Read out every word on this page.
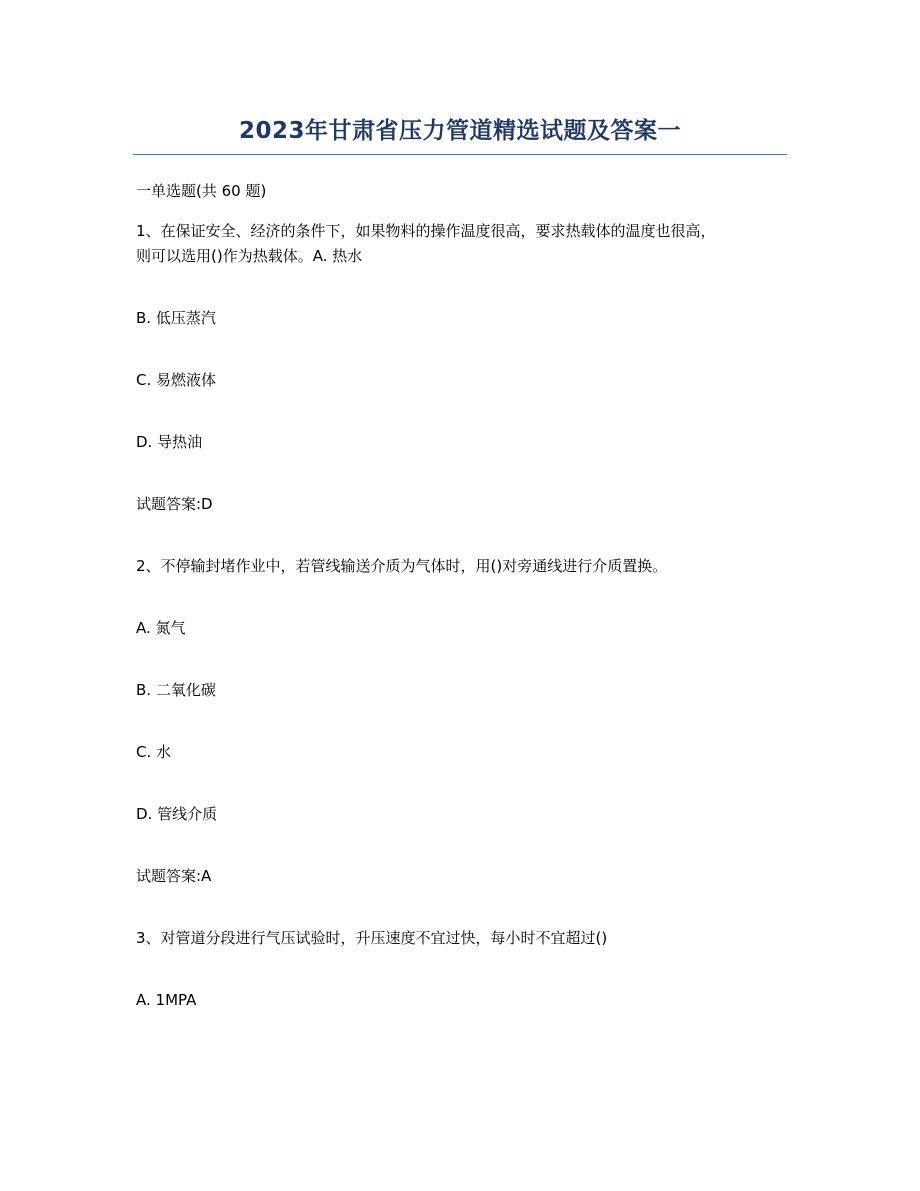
2023年甘肃省压力管道精选试题及答案一
一单选题(共 60 题)
1、在保证安全、经济的条件下，如果物料的操作温度很高，要求热载体的温度也很高，
则可以选用()作为热载体。A. 热水
B. 低压蒸汽
C. 易燃液体
D. 导热油
试题答案:D
2、不停输封堵作业中，若管线输送介质为气体时，用()对旁通线进行介质置换。
A. 氮气
B. 二氧化碳
C. 水
D. 管线介质
试题答案:A
3、对管道分段进行气压试验时，升压速度不宜过快，每小时不宜超过()
A. 1MPA
